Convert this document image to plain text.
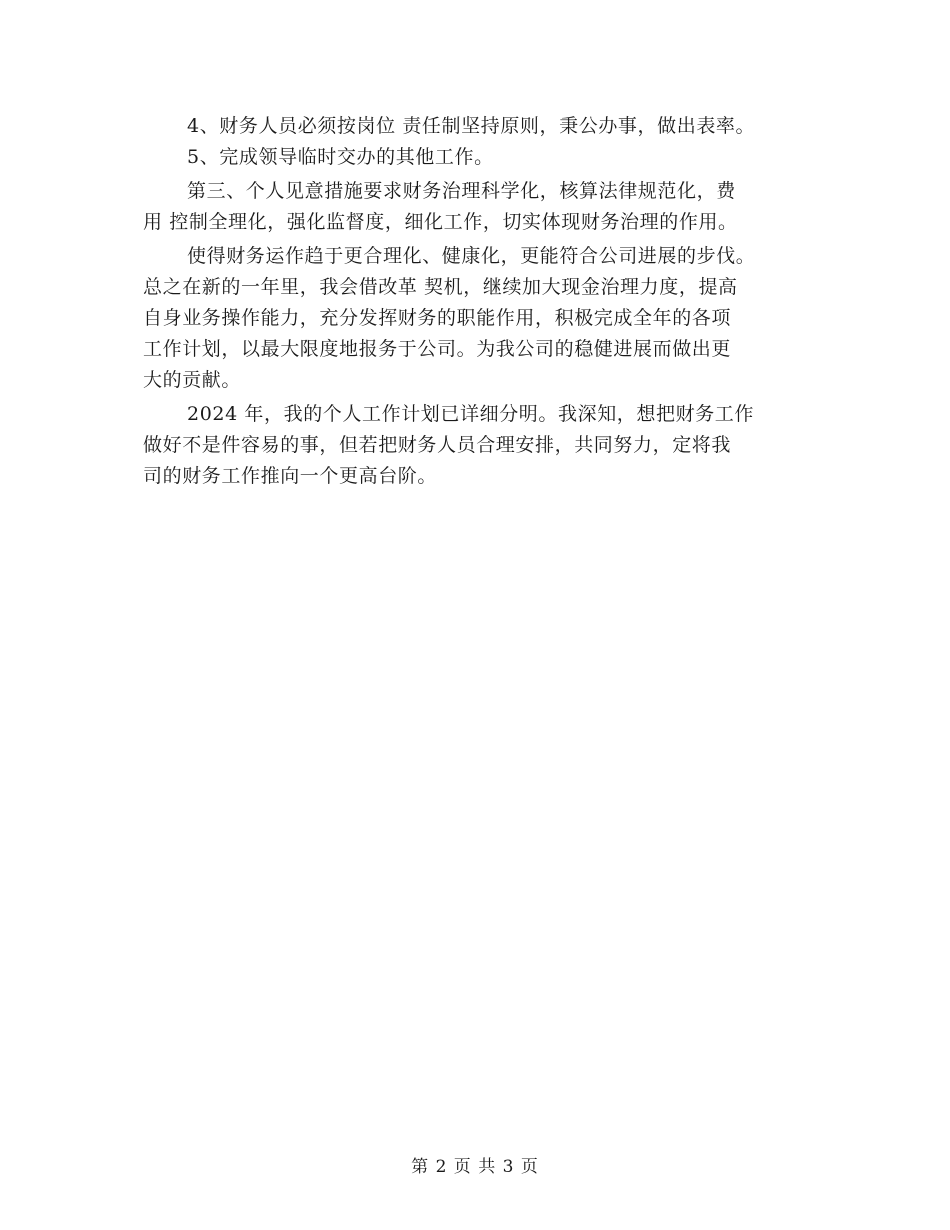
4、财务人员必须按岗位 责任制坚持原则，秉公办事，做出表率。
5、完成领导临时交办的其他工作。
第三、个人见意措施要求财务治理科学化，核算法律规范化，费
用 控制全理化，强化监督度，细化工作，切实体现财务治理的作用。
使得财务运作趋于更合理化、健康化，更能符合公司进展的步伐。
总之在新的一年里，我会借改革 契机，继续加大现金治理力度，提高
自身业务操作能力，充分发挥财务的职能作用，积极完成全年的各项
工作计划，以最大限度地报务于公司。为我公司的稳健进展而做出更
大的贡献。
2024 年，我的个人工作计划已详细分明。我深知，想把财务工作
做好不是件容易的事，但若把财务人员合理安排，共同努力，定将我
司的财务工作推向一个更高台阶。
第 2 页 共 3 页
